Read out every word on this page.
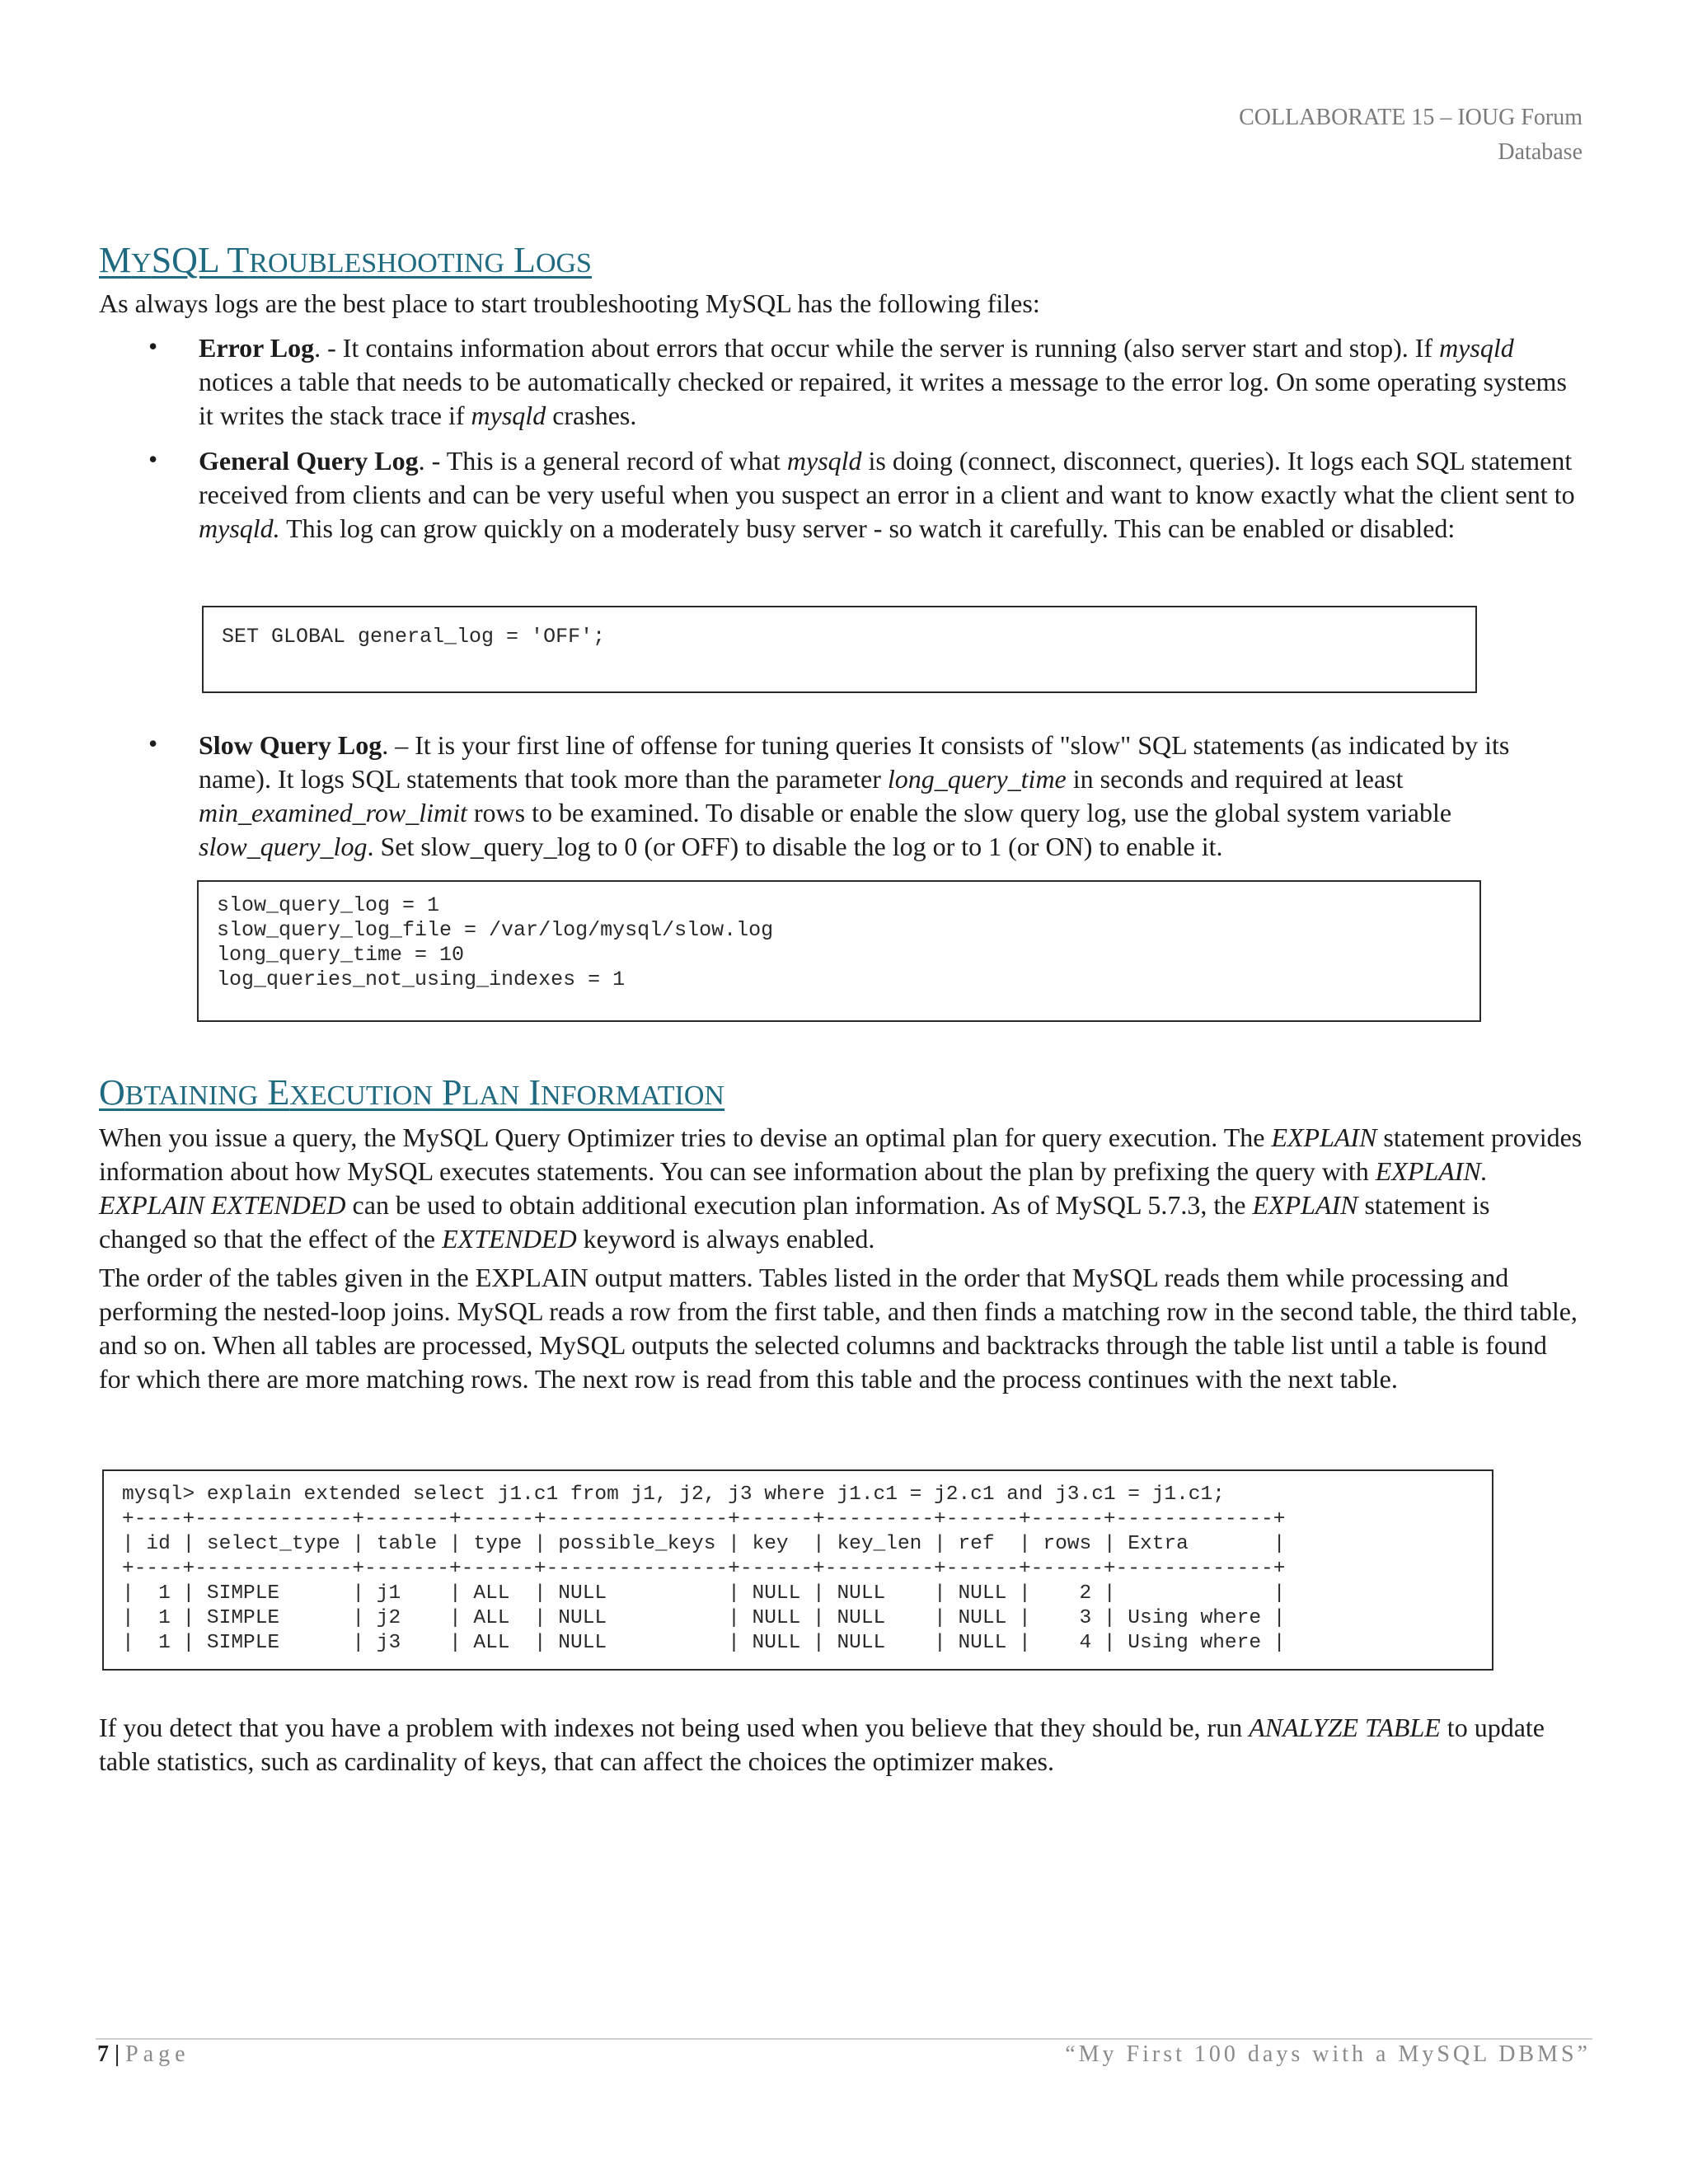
COLLABORATE 15 – IOUG Forum
Database
MYSQL TROUBLESHOOTING LOGS

As always logs are the best place to start troubleshooting MySQL has the following files:

• Error Log. - It contains information about errors that occur while the server is running (also server start and stop). If mysqld notices a table that needs to be automatically checked or repaired, it writes a message to the error log. On some operating systems it writes the stack trace if mysqld crashes.
• General Query Log. - This is a general record of what mysqld is doing (connect, disconnect, queries). It logs each SQL statement received from clients and can be very useful when you suspect an error in a client and want to know exactly what the client sent to mysqld. This log can grow quickly on a moderately busy server - so watch it carefully. This can be enabled or disabled:
SET GLOBAL general_log = 'OFF';
• Slow Query Log. – It is your first line of offense for tuning queries It consists of "slow" SQL statements (as indicated by its name). It logs SQL statements that took more than the parameter long_query_time in seconds and required at least min_examined_row_limit rows to be examined. To disable or enable the slow query log, use the global system variable slow_query_log. Set slow_query_log to 0 (or OFF) to disable the log or to 1 (or ON) to enable it.
slow_query_log = 1
slow_query_log_file = /var/log/mysql/slow.log
long_query_time = 10
log_queries_not_using_indexes = 1
OBTAINING EXECUTION PLAN INFORMATION

When you issue a query, the MySQL Query Optimizer tries to devise an optimal plan for query execution. The EXPLAIN statement provides information about how MySQL executes statements. You can see information about the plan by prefixing the query with EXPLAIN. EXPLAIN EXTENDED can be used to obtain additional execution plan information. As of MySQL 5.7.3, the EXPLAIN statement is changed so that the effect of the EXTENDED keyword is always enabled.

The order of the tables given in the EXPLAIN output matters. Tables listed in the order that MySQL reads them while processing and performing the nested-loop joins. MySQL reads a row from the first table, and then finds a matching row in the second table, the third table, and so on. When all tables are processed, MySQL outputs the selected columns and backtracks through the table list until a table is found for which there are more matching rows. The next row is read from this table and the process continues with the next table.

mysql> explain extended select j1.c1 from j1, j2, j3 where j1.c1 = j2.c1 and j3.c1 = j1.c1;
+----+-------------+-------+------+---------------+------+---------+------+------+-------------+
| id | select_type | table | type | possible_keys | key  | key_len | ref  | rows | Extra       |
+----+-------------+-------+------+---------------+------+---------+------+------+-------------+
|  1 | SIMPLE      | j1    | ALL  | NULL          | NULL | NULL    | NULL |    2 |             |
|  1 | SIMPLE      | j2    | ALL  | NULL          | NULL | NULL    | NULL |    3 | Using where |
|  1 | SIMPLE      | j3    | ALL  | NULL          | NULL | NULL    | NULL |    4 | Using where |

If you detect that you have a problem with indexes not being used when you believe that they should be, run ANALYZE TABLE to update table statistics, such as cardinality of keys, that can affect the choices the optimizer makes.

7 | Page	“My First 100 days with a MySQL DBMS”
